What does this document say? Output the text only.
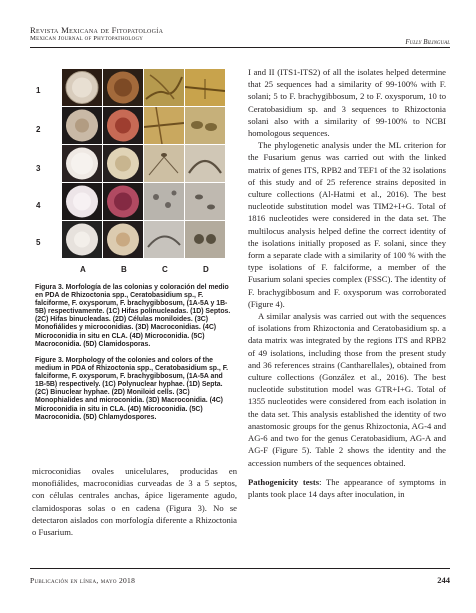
Revista Mexicana de Fitopatología
Mexican Journal of Phytopathology	Fully Bilingual
1
2
3
4
5
A	B	C	D
Figura 3. Morfología de las colonias y coloración del medio en PDA de Rhizoctonia spp., Ceratobasidium sp., F. falciforme, F. oxysporum, F. brachygibbosum, (1A-5A y 1B-5B) respectivamente. (1C) Hifas polinucleadas. (1D) Septos. (2C) Hifas binucleadas. (2D) Células moniloides. (3C) Monofiálides y microconidias. (3D) Macroconidias. (4C) Microconidia in situ en CLA. (4D) Microconidia. (5C) Macroconidia. (5D) Clamidosporas.
Figure 3. Morphology of the colonies and colors of the medium in PDA of Rhizoctonia spp., Ceratobasidium sp., F. falciforme, F. oxysporum, F. brachygibbosum, (1A-5A and 1B-5B) respectively. (1C) Polynuclear hyphae. (1D) Septa. (2C) Binuclear hyphae. (2D) Moniloid cells. (3C) Monophialides and microconidia. (3D) Macroconidia. (4C) Microconidia in situ in CLA. (4D) Microconidia. (5C) Macroconidia. (5D) Chlamydospores.
microconidias ovales unicelulares, producidas en monofiálides, macroconidias curveadas de 3 a 5 septos, con células centrales anchas, ápice ligeramente agudo, clamidosporas solas o en cadena (Figura 3). No se detectaron aislados con morfología diferente a Rhizoctonia o Fusarium.

I and II (ITS1-ITS2) of all the isolates helped determine that 25 sequences had a similarity of 99-100% with F. solani; 5 to F. brachygibbosum, 2 to F. oxysporum, 10 to Ceratobasidium sp. and 3 sequences to Rhizoctonia solani also with a similarity of 99-100% to NCBI homologous sequences.

The phylogenetic analysis under the ML criterion for the Fusarium genus was carried out with the linked matrix of genes ITS, RPB2 and TEF1 of the 32 isolations of this study and of 25 reference strains deposited in culture collections (Al-Hatmi et al., 2016). The best nucleotide substitution model was TIM2+I+G. Total of 1816 nucleotides were considered in the data set. The multilocus analysis helped define the correct identity of the isolations initially proposed as F. solani, since they form a separate clade with a similarity of 100 % with the type isolations of F. falciforme, a member of the Fusarium solani species complex (FSSC). The identity of F. brachygibbosum and F. oxysporum was corroborated (Figure 4).

A similar analysis was carried out with the sequences of isolations from Rhizoctonia and Ceratobasidium sp. a data matrix was integrated by the regions ITS and RPB2 of 49 isolations, including those from the present study and 36 references strains (Cantharellales), obtained from culture collections (González et al., 2016). The best nucleotide substitution model was GTR+I+G. Total of 1355 nucleotides were considered from each isolation in the data set. This analysis established the identity of two anastomosic groups for the genus Rhizoctonia, AG-4 and AG-6 and two for the genus Ceratobasidium, AG-A and AG-F (Figure 5). Table 2 shows the identity and the accession numbers of the sequences obtained.

Pathogenicity tests: The appearance of symptoms in plants took place 14 days after inoculation, in

Publicación en línea, mayo 2018	244
